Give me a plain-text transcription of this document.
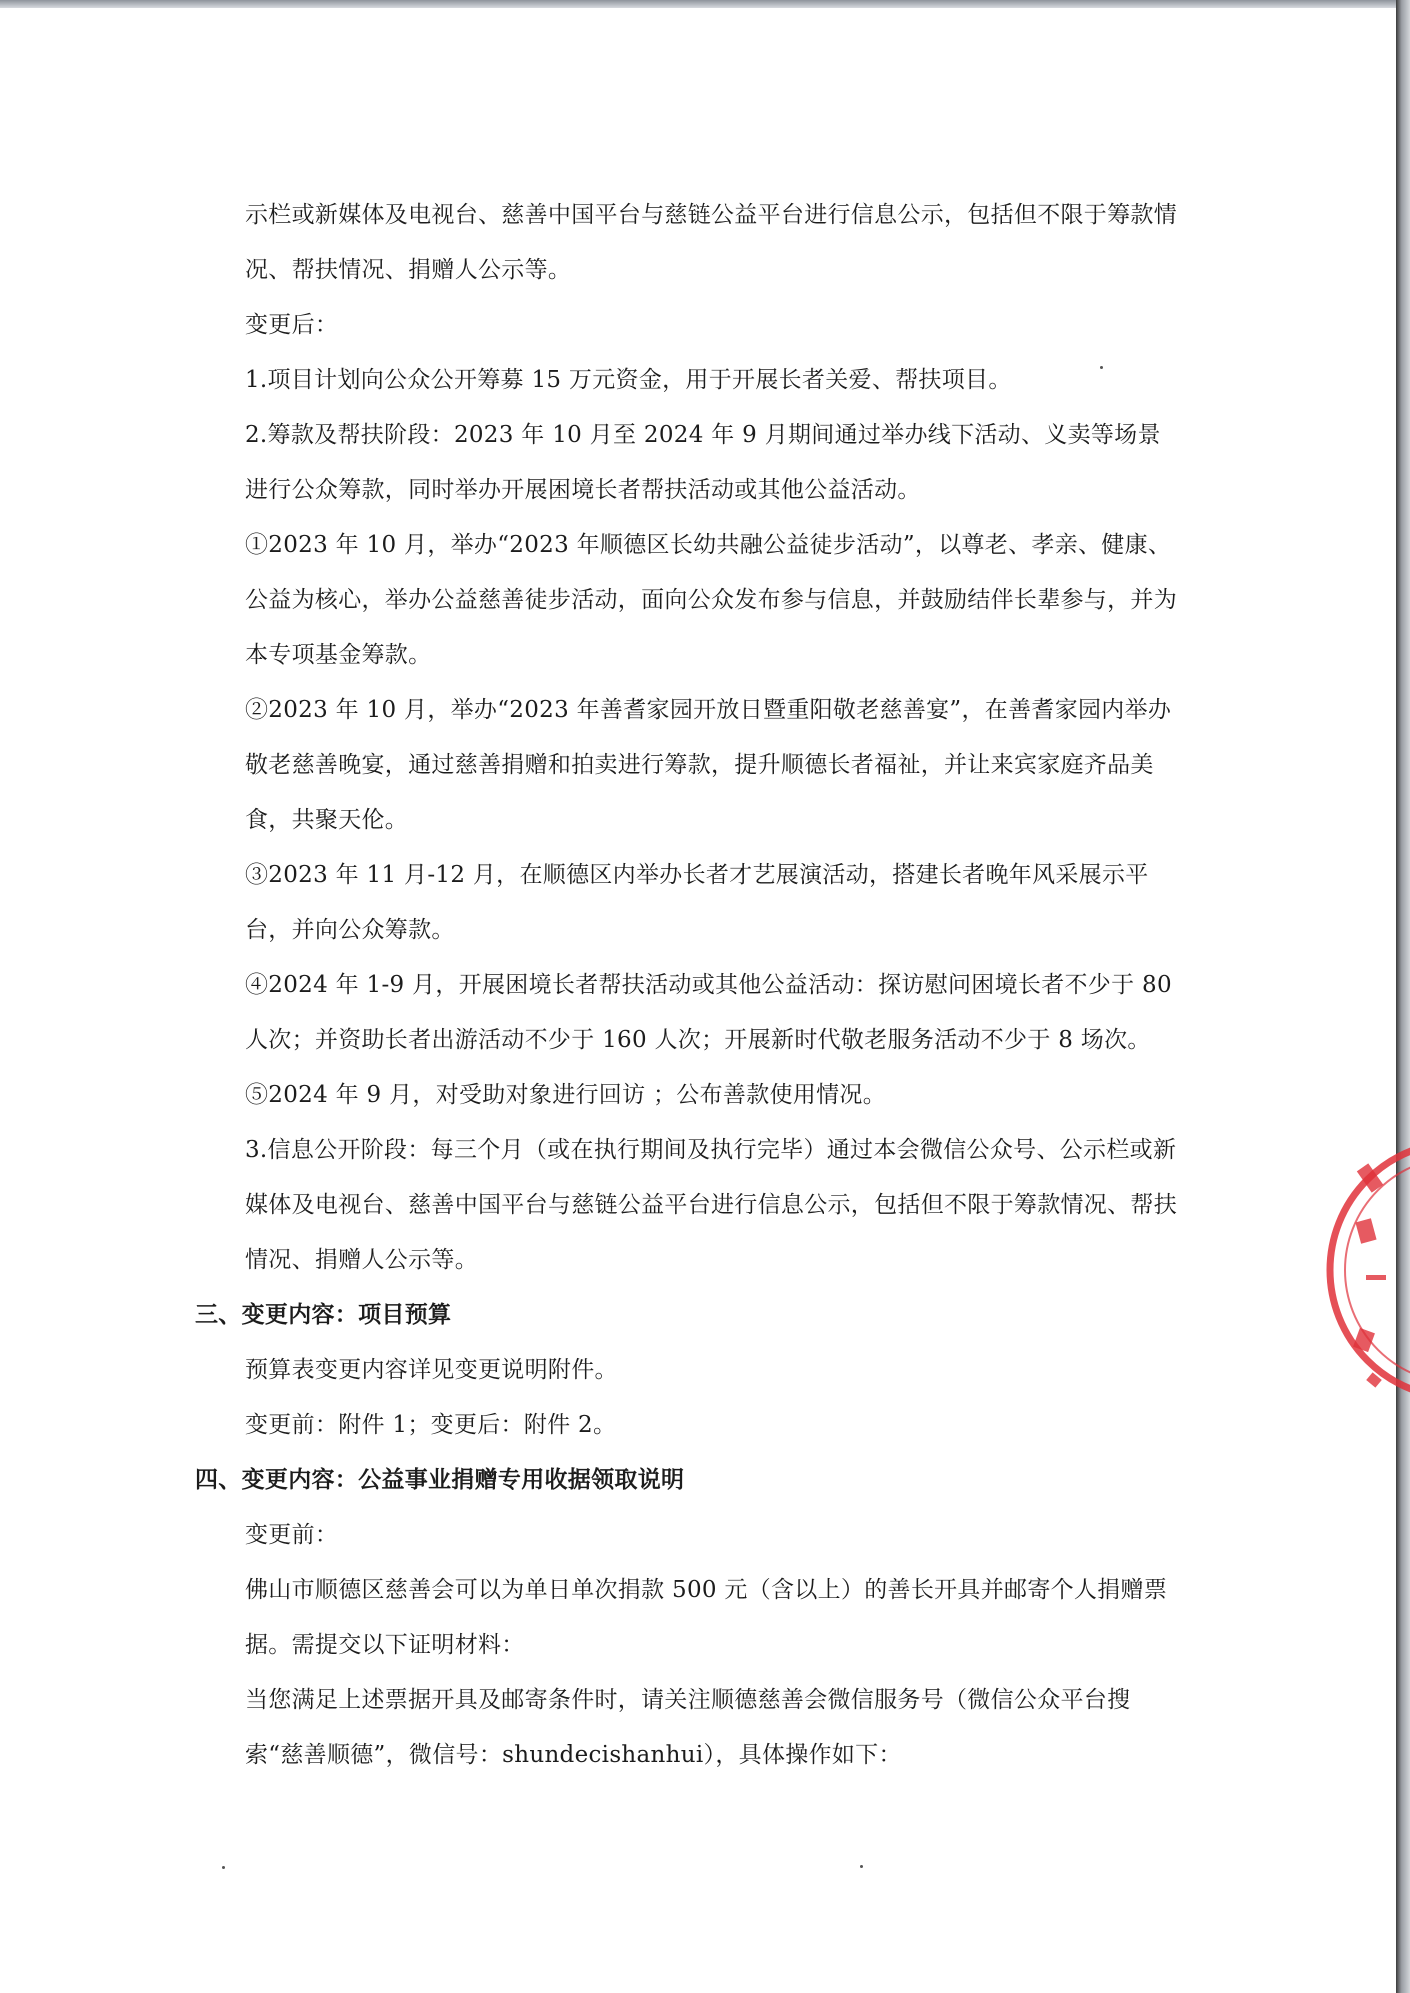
示栏或新媒体及电视台、慈善中国平台与慈链公益平台进行信息公示，包括但不限于筹款情况、帮扶情况、捐赠人公示等。

变更后：

1.项目计划向公众公开筹募 15 万元资金，用于开展长者关爱、帮扶项目。

2.筹款及帮扶阶段：2023 年 10 月至 2024 年 9 月期间通过举办线下活动、义卖等场景进行公众筹款，同时举办开展困境长者帮扶活动或其他公益活动。

①2023 年 10 月，举办“2023 年顺德区长幼共融公益徒步活动”，以尊老、孝亲、健康、公益为核心，举办公益慈善徒步活动，面向公众发布参与信息，并鼓励结伴长辈参与，并为本专项基金筹款。

②2023 年 10 月，举办“2023 年善耆家园开放日暨重阳敬老慈善宴”，在善耆家园内举办敬老慈善晚宴，通过慈善捐赠和拍卖进行筹款，提升顺德长者福祉，并让来宾家庭齐品美食，共聚天伦。

③2023 年 11 月-12 月，在顺德区内举办长者才艺展演活动，搭建长者晚年风采展示平台，并向公众筹款。

④2024 年 1-9 月，开展困境长者帮扶活动或其他公益活动：探访慰问困境长者不少于 80 人次；并资助长者出游活动不少于 160 人次；开展新时代敬老服务活动不少于 8 场次。

⑤2024 年 9 月，对受助对象进行回访 ；公布善款使用情况。

3.信息公开阶段：每三个月（或在执行期间及执行完毕）通过本会微信公众号、公示栏或新媒体及电视台、慈善中国平台与慈链公益平台进行信息公示，包括但不限于筹款情况、帮扶情况、捐赠人公示等。

三、变更内容：项目预算

预算表变更内容详见变更说明附件。

变更前：附件 1；变更后：附件 2。

四、变更内容：公益事业捐赠专用收据领取说明

变更前：

佛山市顺德区慈善会可以为单日单次捐款 500 元（含以上）的善长开具并邮寄个人捐赠票据。需提交以下证明材料：

当您满足上述票据开具及邮寄条件时，请关注顺德慈善会微信服务号（微信公众平台搜索“慈善顺德”，微信号：shundecishanhui），具体操作如下：
